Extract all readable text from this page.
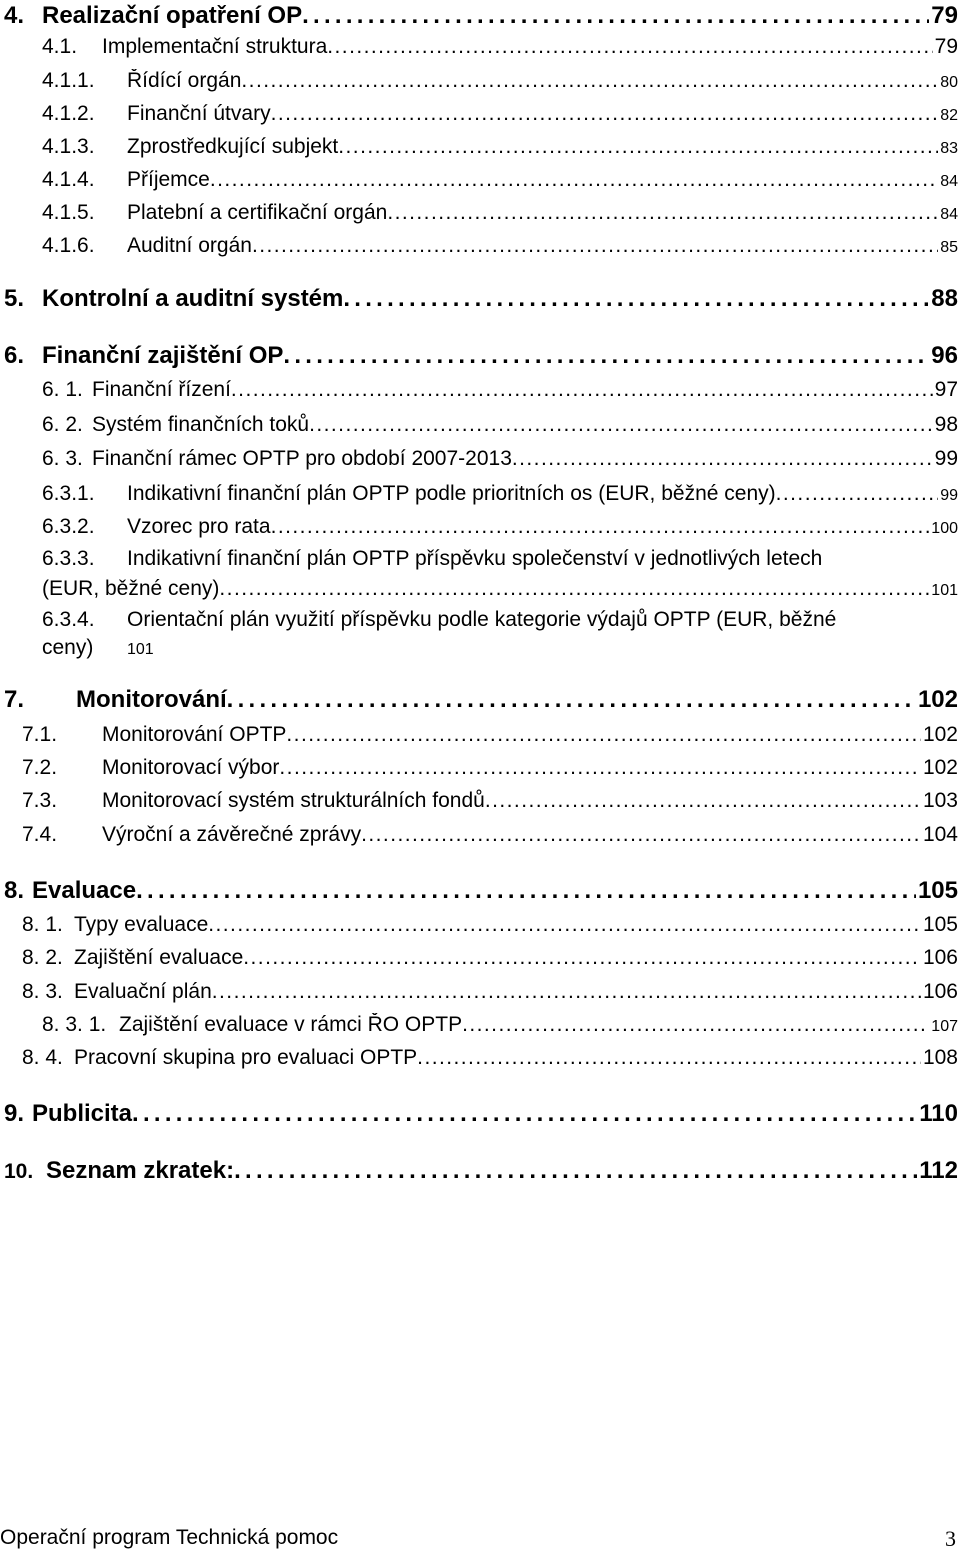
4. Realizační opatření OP . . .	79
4.1.	Implementační struktura . . .	79
4.1.1.	Řídící orgán . . .	80
4.1.2.	Finanční útvary . . .	82
4.1.3.	Zprostředkující subjekt . . .	83
4.1.4.	Příjemce . . .	84
4.1.5.	Platební a certifikační orgán . . .	84
4.1.6.	Auditní orgán . . .	85
5. Kontrolní a auditní systém . . .	88
6. Finanční zajištění OP . . .	96
6. 1. Finanční řízení . . .	97
6. 2. Systém finančních toků . . .	98
6. 3. Finanční rámec OPTP pro období 2007-2013 . . .	99
6.3.1.	Indikativní finanční plán OPTP podle prioritních os (EUR, běžné ceny) . . .	99
6.3.2.	Vzorec pro rata . . .	100
6.3.3. Indikativní finanční plán OPTP příspěvku společenství v jednotlivých letech
(EUR, běžné ceny) . . .	101
6.3.4. Orientační plán využití příspěvku podle kategorie výdajů OPTP (EUR, běžné
ceny) 101
7.	Monitorování . . .	102
7.1.	Monitorování OPTP . . .	102
7.2.	Monitorovací výbor . . .	102
7.3.	Monitorovací systém strukturálních fondů . . .	103
7.4.	Výroční a závěrečné zprávy . . .	104
8. Evaluace . . .	105
8. 1. Typy evaluace . . .	105
8. 2. Zajištění evaluace . . .	106
8. 3. Evaluační plán . . .	106
8. 3. 1. Zajištění evaluace v rámci ŘO OPTP . . .	107
8. 4. Pracovní skupina pro evaluaci OPTP . . .	108
9. Publicita . . .	110
10. Seznam zkratek: . . .	112
Operační program Technická pomoc	3
